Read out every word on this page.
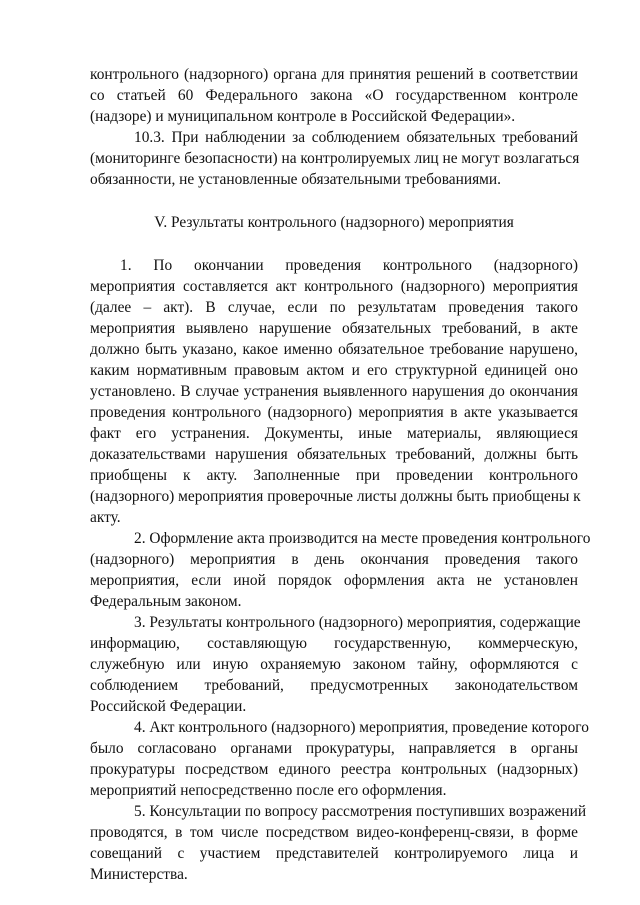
контрольного (надзорного) органа для принятия решений в соответствии
со статьей 60 Федерального закона «О государственном контроле
(надзоре) и муниципальном контроле в Российской Федерации».
10.3. При наблюдении за соблюдением обязательных требований
(мониторинге безопасности) на контролируемых лиц не могут возлагаться
обязанности, не установленные обязательными требованиями.
V. Результаты контрольного (надзорного) мероприятия
1. По окончании проведения контрольного (надзорного)
мероприятия составляется акт контрольного (надзорного) мероприятия
(далее – акт). В случае, если по результатам проведения такого
мероприятия выявлено нарушение обязательных требований, в акте
должно быть указано, какое именно обязательное требование нарушено,
каким нормативным правовым актом и его структурной единицей оно
установлено. В случае устранения выявленного нарушения до окончания
проведения контрольного (надзорного) мероприятия в акте указывается
факт его устранения. Документы, иные материалы, являющиеся
доказательствами нарушения обязательных требований, должны быть
приобщены к акту. Заполненные при проведении контрольного
(надзорного) мероприятия проверочные листы должны быть приобщены к
акту.
2. Оформление акта производится на месте проведения контрольного
(надзорного) мероприятия в день окончания проведения такого
мероприятия, если иной порядок оформления акта не установлен
Федеральным законом.
3. Результаты контрольного (надзорного) мероприятия, содержащие
информацию, составляющую государственную, коммерческую,
служебную или иную охраняемую законом тайну, оформляются с
соблюдением требований, предусмотренных законодательством
Российской Федерации.
4. Акт контрольного (надзорного) мероприятия, проведение которого
было согласовано органами прокуратуры, направляется в органы
прокуратуры посредством единого реестра контрольных (надзорных)
мероприятий непосредственно после его оформления.
5. Консультации по вопросу рассмотрения поступивших возражений
проводятся, в том числе посредством видео-конференц-связи, в форме
совещаний с участием представителей контролируемого лица и
Министерства.
